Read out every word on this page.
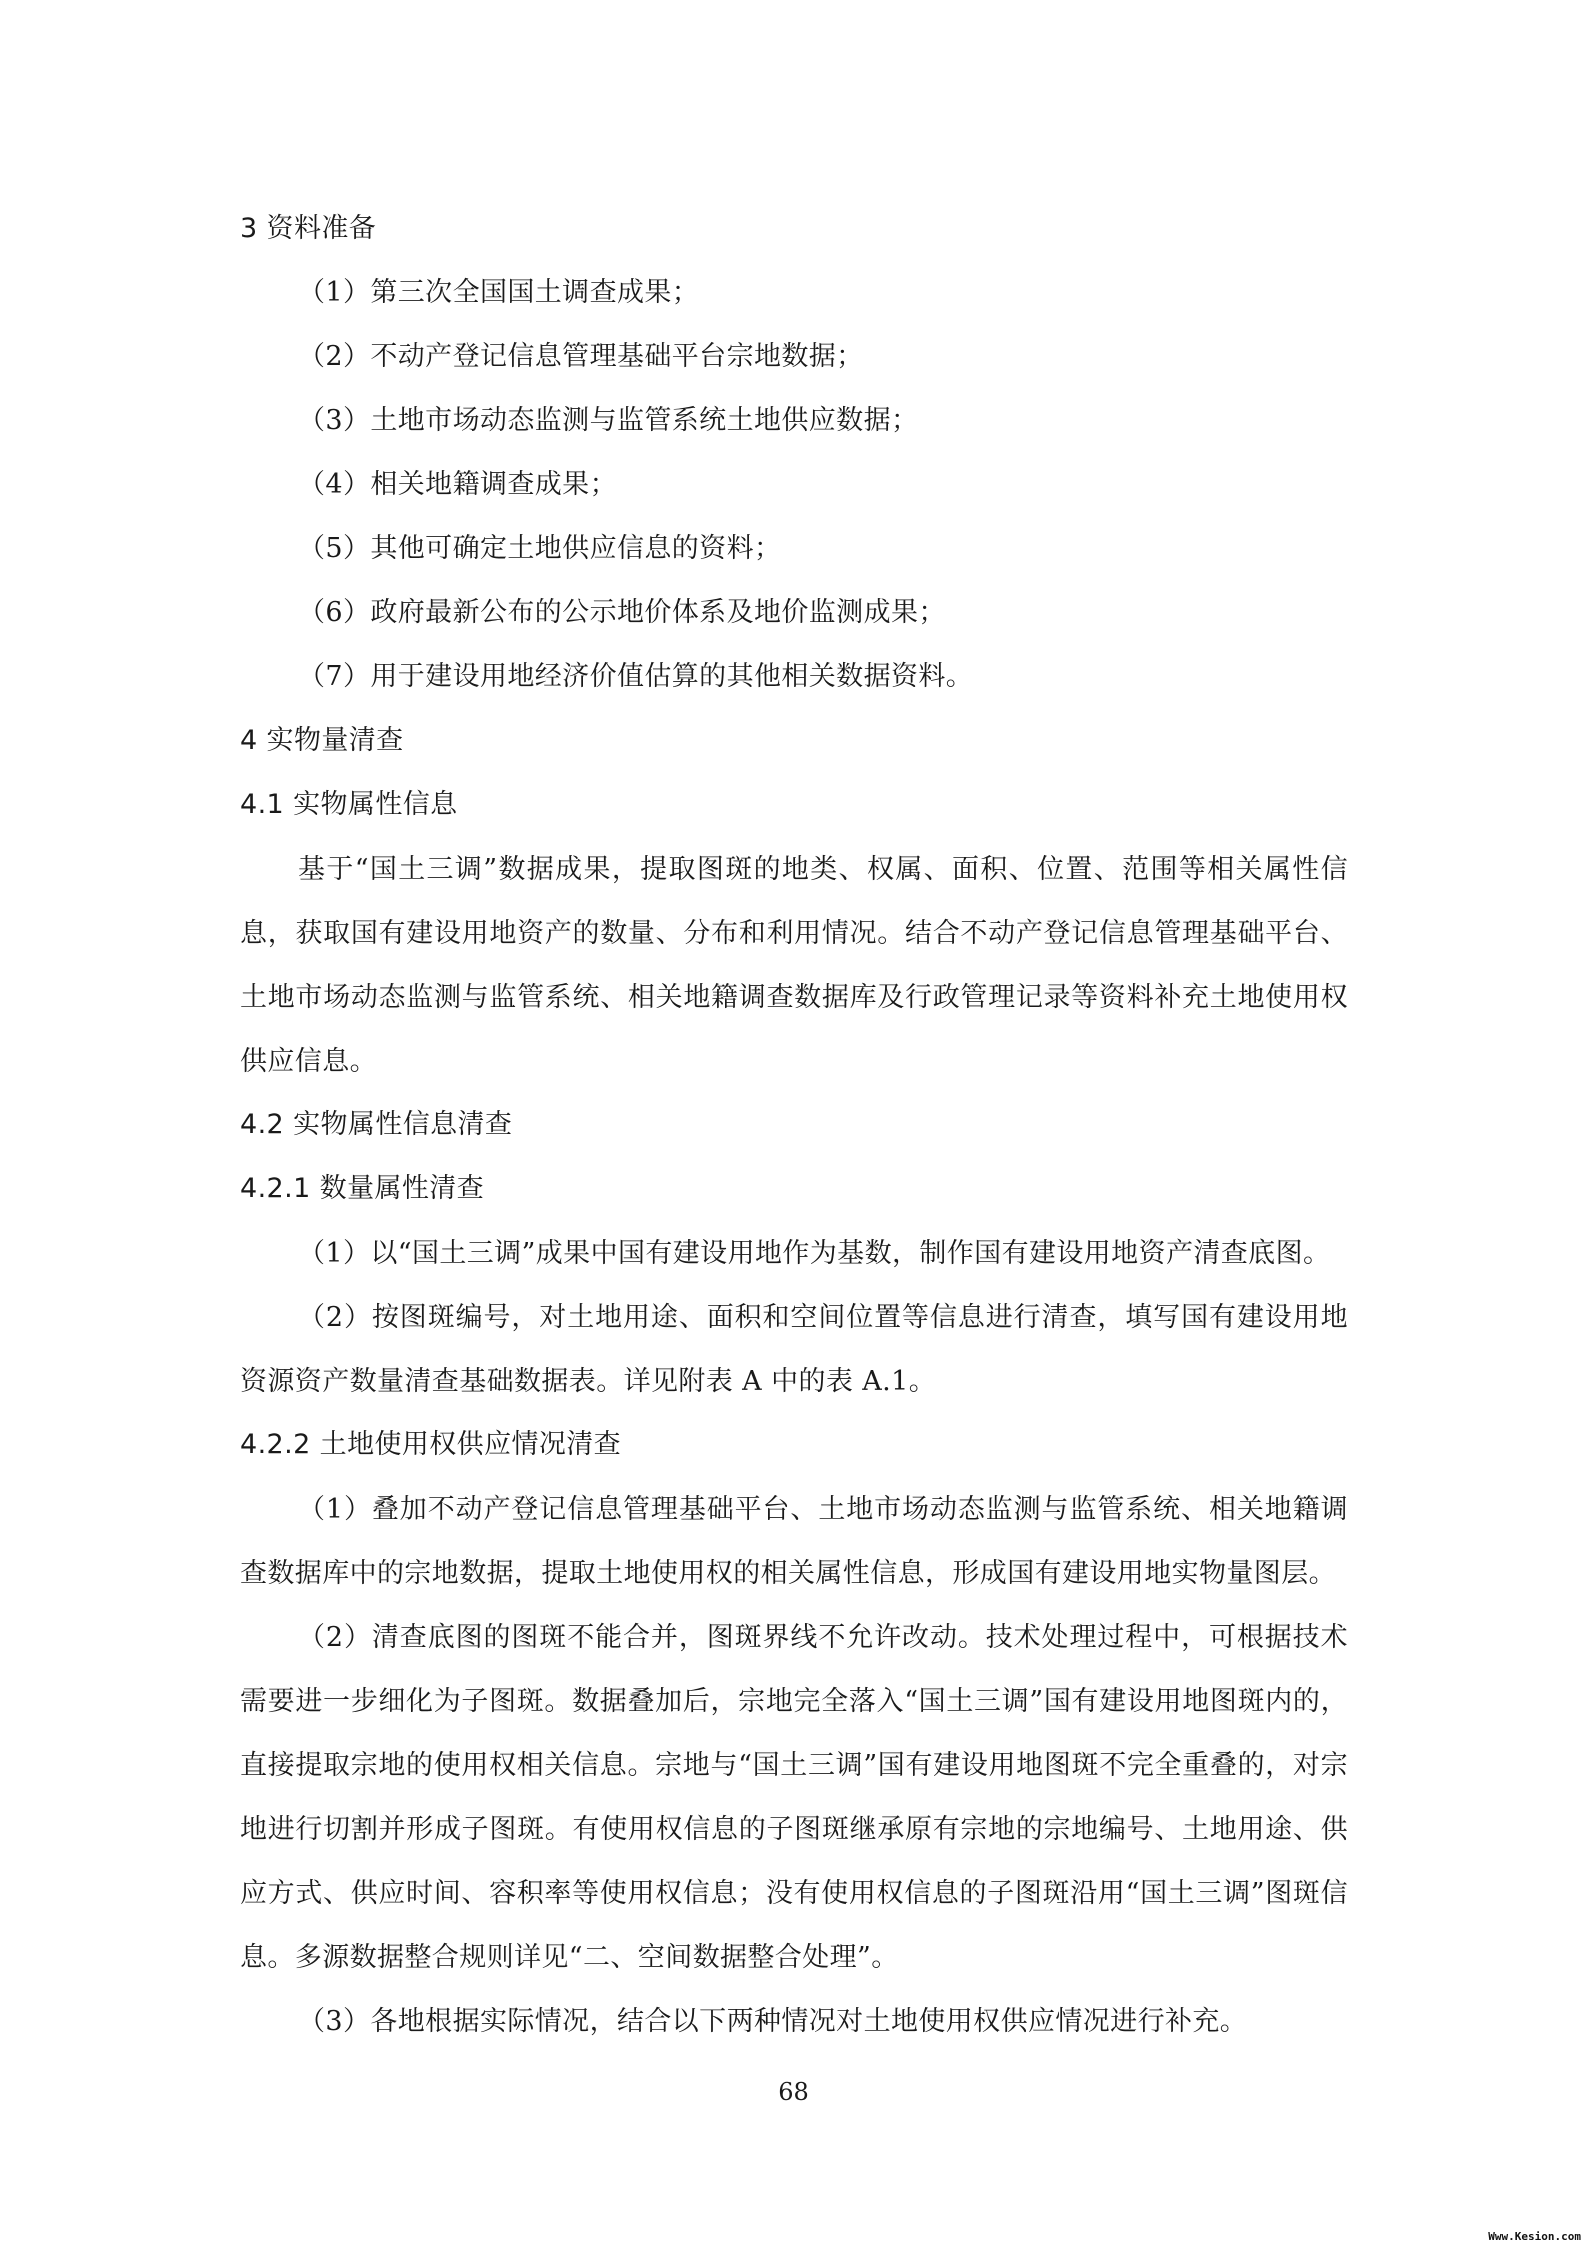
3 资料准备
（1）第三次全国国土调查成果；
（2）不动产登记信息管理基础平台宗地数据；
（3）土地市场动态监测与监管系统土地供应数据；
（4）相关地籍调查成果；
（5）其他可确定土地供应信息的资料；
（6）政府最新公布的公示地价体系及地价监测成果；
（7）用于建设用地经济价值估算的其他相关数据资料。
4 实物量清查
4.1 实物属性信息

基于“国土三调”数据成果，提取图斑的地类、权属、面积、位置、范围等相关属性信息，获取国有建设用地资产的数量、分布和利用情况。结合不动产登记信息管理基础平台、土地市场动态监测与监管系统、相关地籍调查数据库及行政管理记录等资料补充土地使用权供应信息。

4.2 实物属性信息清查
4.2.1 数量属性清查

（1）以“国土三调”成果中国有建设用地作为基数，制作国有建设用地资产清查底图。

（2）按图斑编号，对土地用途、面积和空间位置等信息进行清查，填写国有建设用地资源资产数量清查基础数据表。详见附表 A 中的表 A.1。

4.2.2 土地使用权供应情况清查

（1）叠加不动产登记信息管理基础平台、土地市场动态监测与监管系统、相关地籍调查数据库中的宗地数据，提取土地使用权的相关属性信息，形成国有建设用地实物量图层。

（2）清查底图的图斑不能合并，图斑界线不允许改动。技术处理过程中，可根据技术需要进一步细化为子图斑。数据叠加后，宗地完全落入“国土三调”国有建设用地图斑内的，直接提取宗地的使用权相关信息。宗地与“国土三调”国有建设用地图斑不完全重叠的，对宗地进行切割并形成子图斑。有使用权信息的子图斑继承原有宗地的宗地编号、土地用途、供应方式、供应时间、容积率等使用权信息；没有使用权信息的子图斑沿用“国土三调”图斑信息。多源数据整合规则详见“二、空间数据整合处理”。

（3）各地根据实际情况，结合以下两种情况对土地使用权供应情况进行补充。

68
Www.Kesion.com
